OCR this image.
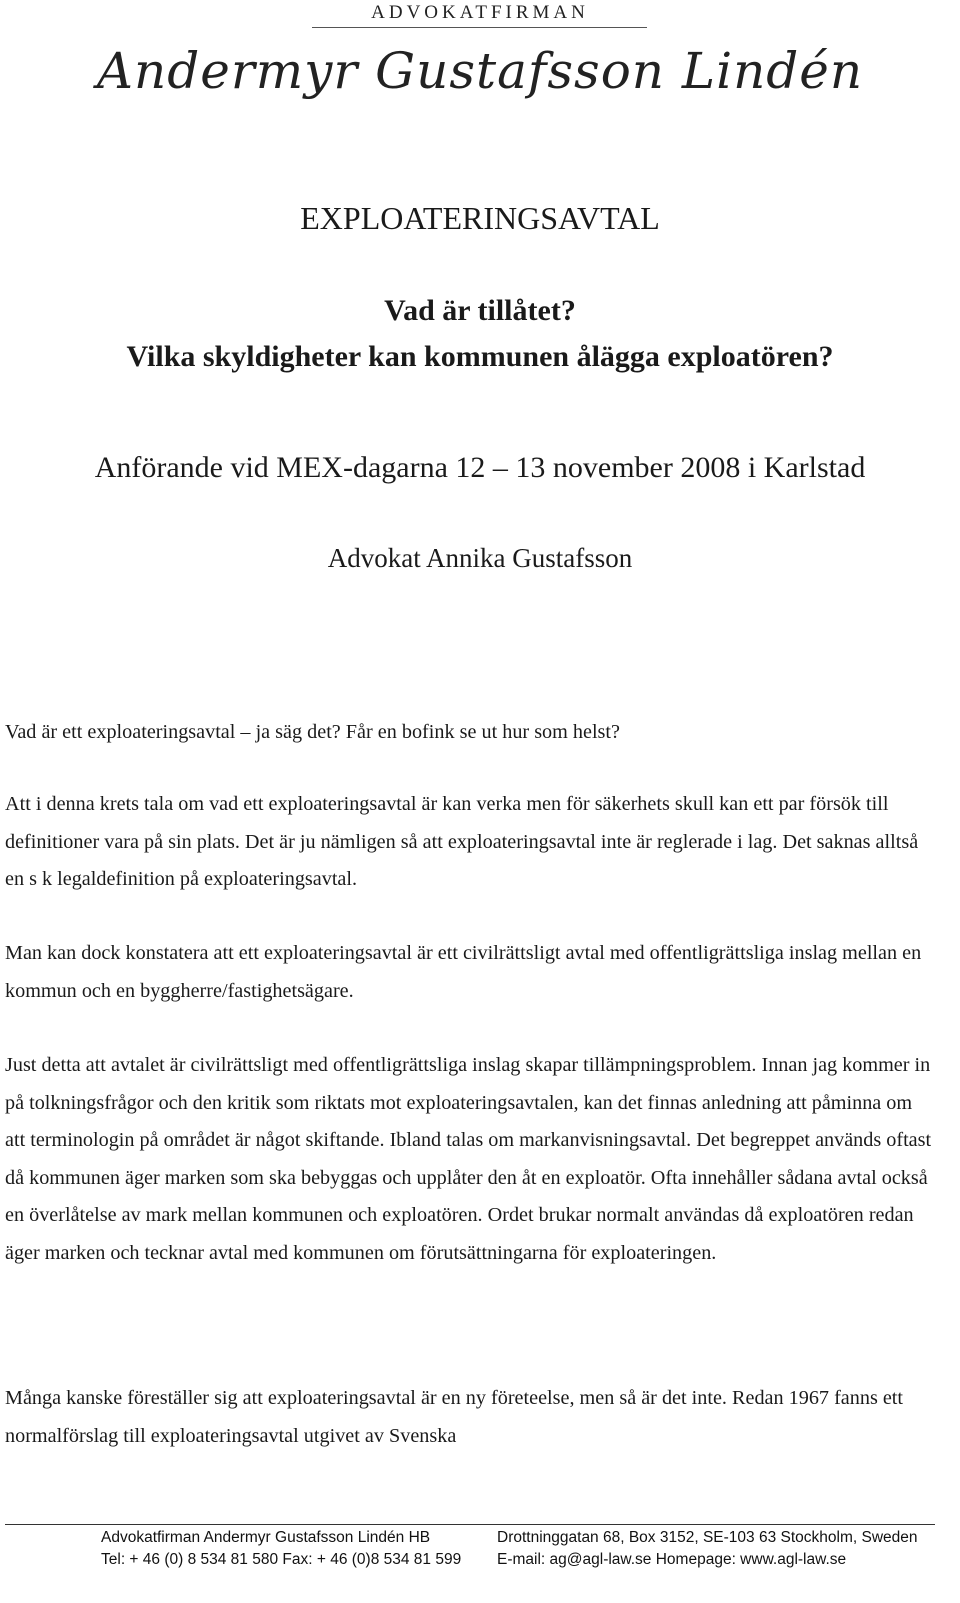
ADVOKATFIRMAN
Andermyr Gustafsson Lindén
EXPLOATERINGSAVTAL
Vad är tillåtet?
Vilka skyldigheter kan kommunen ålägga exploatören?
Anförande vid MEX-dagarna 12 – 13 november 2008 i Karlstad
Advokat Annika Gustafsson

Vad är ett exploateringsavtal – ja säg det? Får en bofink se ut hur som helst?

Att i denna krets tala om vad ett exploateringsavtal är kan verka men för säkerhets skull kan ett par försök till definitioner vara på sin plats. Det är ju nämligen så att exploateringsavtal inte är reglerade i lag. Det saknas alltså en s k legaldefinition på exploateringsavtal.

Man kan dock konstatera att ett exploateringsavtal är ett civilrättsligt avtal med offentligrättsliga inslag mellan en kommun och en byggherre/fastighetsägare.

Just detta att avtalet är civilrättsligt med offentligrättsliga inslag skapar tillämpningsproblem. Innan jag kommer in på tolkningsfrågor och den kritik som riktats mot exploateringsavtalen, kan det finnas anledning att påminna om att terminologin på området är något skiftande. Ibland talas om markanvisningsavtal. Det begreppet används oftast då kommunen äger marken som ska bebyggas och upplåter den åt en exploatör. Ofta innehåller sådana avtal också en överlåtelse av mark mellan kommunen och exploatören. Ordet brukar normalt användas då exploatören redan äger marken och tecknar avtal med kommunen om förutsättningarna för exploateringen.

Många kanske föreställer sig att exploateringsavtal är en ny företeelse, men så är det inte. Redan 1967 fanns ett normalförslag till exploateringsavtal utgivet av Svenska

Advokatfirman Andermyr Gustafsson Lindén HB
Tel: + 46 (0) 8 534 81 580 Fax: + 46 (0)8 534 81 599
Drottninggatan 68, Box 3152, SE-103 63 Stockholm, Sweden
E-mail: ag@agl-law.se Homepage: www.agl-law.se
